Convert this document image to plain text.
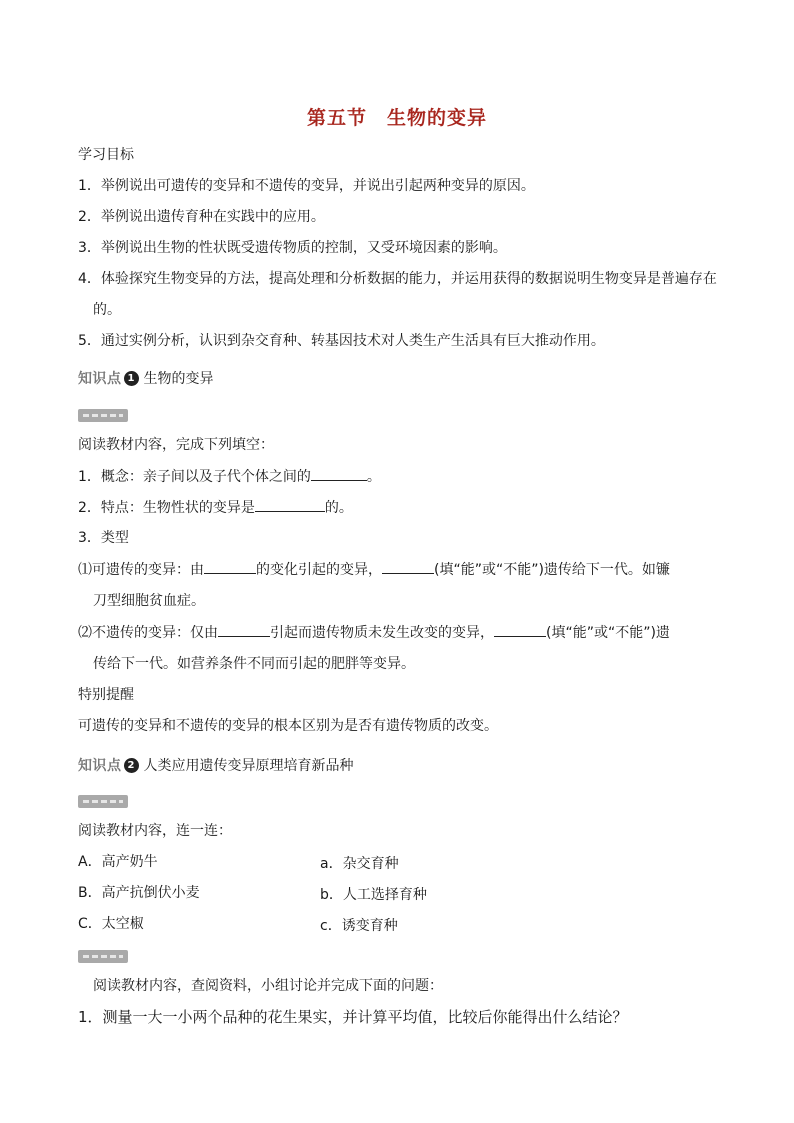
第五节　生物的变异
学习目标
1．举例说出可遗传的变异和不遗传的变异，并说出引起两种变异的原因。
2．举例说出遗传育种在实践中的应用。
3．举例说出生物的性状既受遗传物质的控制，又受环境因素的影响。
4．体验探究生物变异的方法，提高处理和分析数据的能力，并运用获得的数据说明生物变异是普遍存在
的。
5．通过实例分析，认识到杂交育种、转基因技术对人类生产生活具有巨大推动作用。
知识点 1 生物的变异
阅读教材内容，完成下列填空：
1．概念：亲子间以及子代个体之间的	。
2．特点：生物性状的变异是	的。
3．类型
⑴可遗传的变异：由	的变化引起的变异，	(填“能”或“不能”)遗传给下一代。如镰
刀型细胞贫血症。
⑵不遗传的变异：仅由	引起而遗传物质未发生改变的变异，	(填“能”或“不能”)遗
传给下一代。如营养条件不同而引起的肥胖等变异。
特别提醒
可遗传的变异和不遗传的变异的根本区别为是否有遗传物质的改变。
知识点 2 人类应用遗传变异原理培育新品种
阅读教材内容，连一连：
A．高产奶牛	a．杂交育种
B．高产抗倒伏小麦	b．人工选择育种
C．太空椒	c．诱变育种
阅读教材内容，查阅资料，小组讨论并完成下面的问题：
1．测量一大一小两个品种的花生果实，并计算平均值，比较后你能得出什么结论？
